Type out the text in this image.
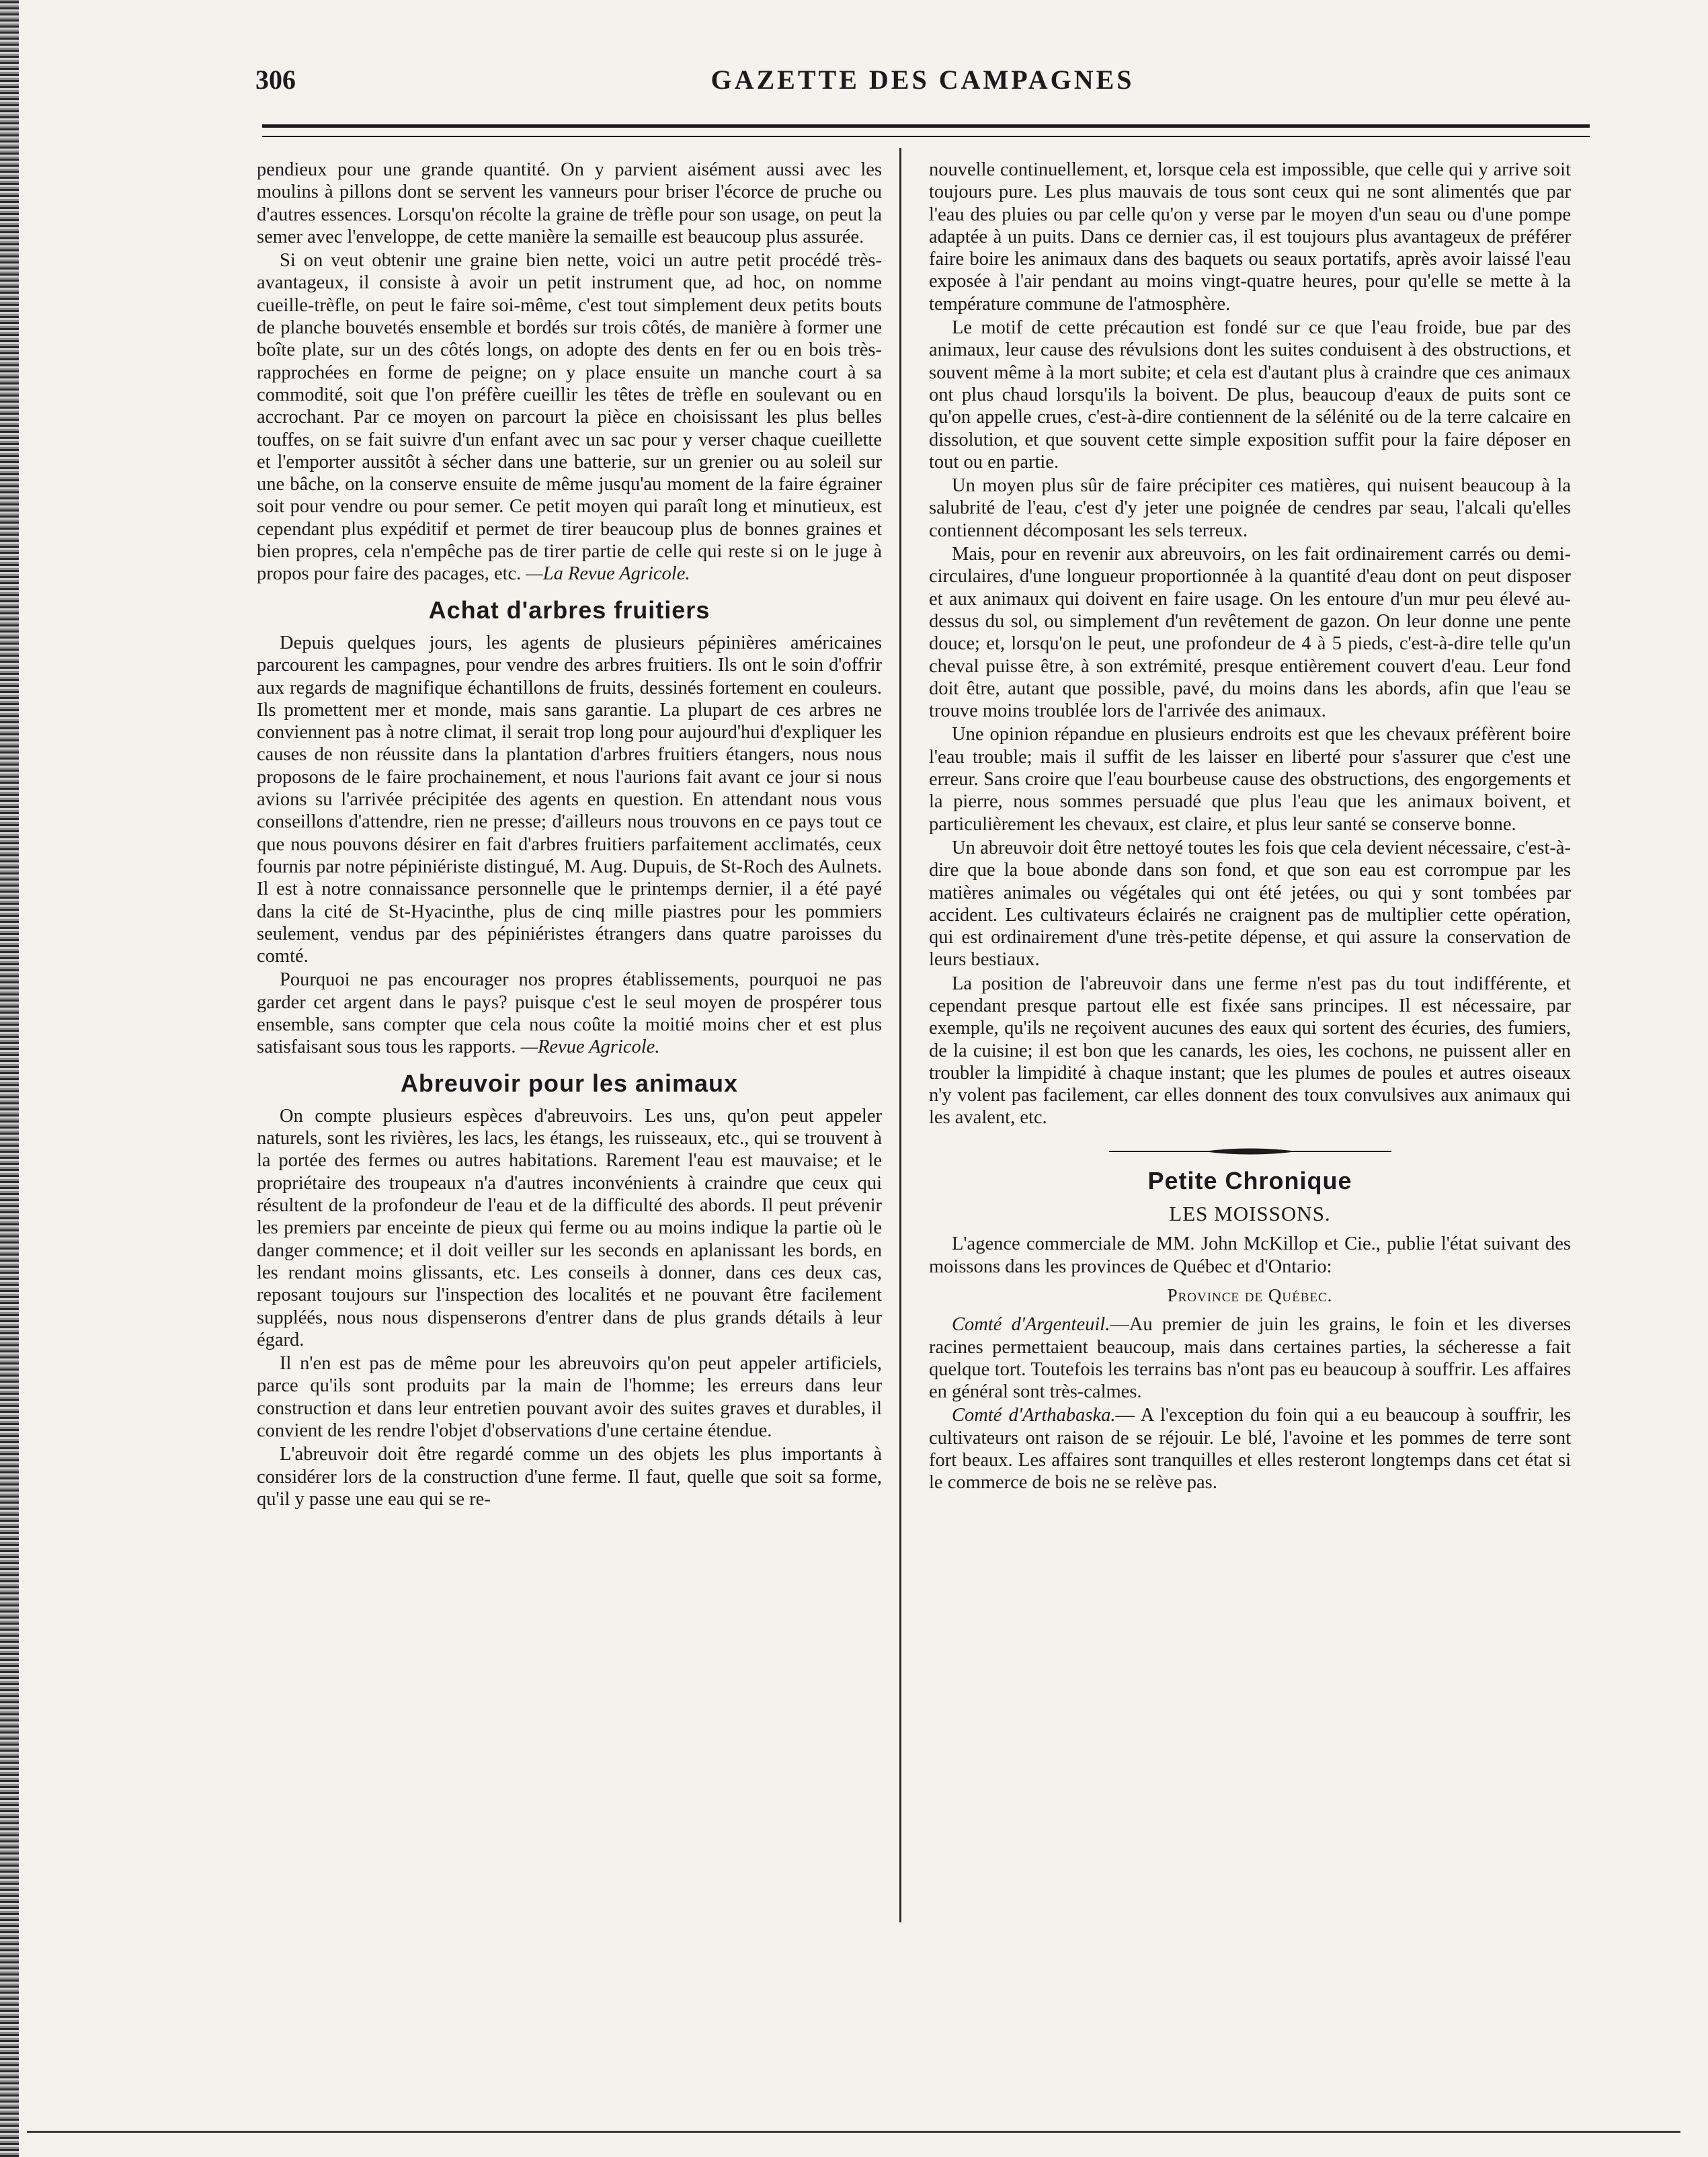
306	GAZETTE DES CAMPAGNES

pendieux pour une grande quantité. On y parvient aisément aussi avec les moulins à pillons dont se servent les vanneurs pour briser l'écorce de pruche ou d'autres essences. Lorsqu'on récolte la graine de trèfle pour son usage, on peut la semer avec l'enveloppe, de cette manière la semaille est beaucoup plus assurée.

Si on veut obtenir une graine bien nette, voici un autre petit procédé très-avantageux, il consiste à avoir un petit instrument que, ad hoc, on nomme cueille-trèfle, on peut le faire soi-même, c'est tout simplement deux petits bouts de planche bouvetés ensemble et bordés sur trois côtés, de manière à former une boîte plate, sur un des côtés longs, on adopte des dents en fer ou en bois très-rapprochées en forme de peigne; on y place ensuite un manche court à sa commodité, soit que l'on préfère cueillir les têtes de trèfle en soulevant ou en accrochant. Par ce moyen on parcourt la pièce en choisissant les plus belles touffes, on se fait suivre d'un enfant avec un sac pour y verser chaque cueillette et l'emporter aussitôt à sécher dans une batterie, sur un grenier ou au soleil sur une bâche, on la conserve ensuite de même jusqu'au moment de la faire égrainer soit pour vendre ou pour semer. Ce petit moyen qui paraît long et minutieux, est cependant plus expéditif et permet de tirer beaucoup plus de bonnes graines et bien propres, cela n'empêche pas de tirer partie de celle qui reste si on le juge à propos pour faire des pacages, etc. —La Revue Agricole.

Achat d'arbres fruitiers

Depuis quelques jours, les agents de plusieurs pépinières américaines parcourent les campagnes, pour vendre des arbres fruitiers. Ils ont le soin d'offrir aux regards de magnifique échantillons de fruits, dessinés fortement en couleurs. Ils promettent mer et monde, mais sans garantie. La plupart de ces arbres ne conviennent pas à notre climat, il serait trop long pour aujourd'hui d'expliquer les causes de non réussite dans la plantation d'arbres fruitiers étangers, nous nous proposons de le faire prochainement, et nous l'aurions fait avant ce jour si nous avions su l'arrivée précipitée des agents en question. En attendant nous vous conseillons d'attendre, rien ne presse; d'ailleurs nous trouvons en ce pays tout ce que nous pouvons désirer en fait d'arbres fruitiers parfaitement acclimatés, ceux fournis par notre pépiniériste distingué, M. Aug. Dupuis, de St-Roch des Aulnets. Il est à notre connaissance personnelle que le printemps dernier, il a été payé dans la cité de St-Hyacinthe, plus de cinq mille piastres pour les pommiers seulement, vendus par des pépiniéristes étrangers dans quatre paroisses du comté.

Pourquoi ne pas encourager nos propres établissements, pourquoi ne pas garder cet argent dans le pays? puisque c'est le seul moyen de prospérer tous ensemble, sans compter que cela nous coûte la moitié moins cher et est plus satisfaisant sous tous les rapports. —Revue Agricole.

Abreuvoir pour les animaux

On compte plusieurs espèces d'abreuvoirs. Les uns, qu'on peut appeler naturels, sont les rivières, les lacs, les étangs, les ruisseaux, etc., qui se trouvent à la portée des fermes ou autres habitations. Rarement l'eau est mauvaise; et le propriétaire des troupeaux n'a d'autres inconvénients à craindre que ceux qui résultent de la profondeur de l'eau et de la difficulté des abords. Il peut prévenir les premiers par enceinte de pieux qui ferme ou au moins indique la partie où le danger commence; et il doit veiller sur les seconds en aplanissant les bords, en les rendant moins glissants, etc. Les conseils à donner, dans ces deux cas, reposant toujours sur l'inspection des localités et ne pouvant être facilement suppléés, nous nous dispenserons d'entrer dans de plus grands détails à leur égard.

Il n'en est pas de même pour les abreuvoirs qu'on peut appeler artificiels, parce qu'ils sont produits par la main de l'homme; les erreurs dans leur construction et dans leur entretien pouvant avoir des suites graves et durables, il convient de les rendre l'objet d'observations d'une certaine étendue.

L'abreuvoir doit être regardé comme un des objets les plus importants à considérer lors de la construction d'une ferme. Il faut, quelle que soit sa forme, qu'il y passe une eau qui se re-

nouvelle continuellement, et, lorsque cela est impossible, que celle qui y arrive soit toujours pure. Les plus mauvais de tous sont ceux qui ne sont alimentés que par l'eau des pluies ou par celle qu'on y verse par le moyen d'un seau ou d'une pompe adaptée à un puits. Dans ce dernier cas, il est toujours plus avantageux de préférer faire boire les animaux dans des baquets ou seaux portatifs, après avoir laissé l'eau exposée à l'air pendant au moins vingt-quatre heures, pour qu'elle se mette à la température commune de l'atmosphère.

Le motif de cette précaution est fondé sur ce que l'eau froide, bue par des animaux, leur cause des révulsions dont les suites conduisent à des obstructions, et souvent même à la mort subite; et cela est d'autant plus à craindre que ces animaux ont plus chaud lorsqu'ils la boivent. De plus, beaucoup d'eaux de puits sont ce qu'on appelle crues, c'est-à-dire contiennent de la sélénité ou de la terre calcaire en dissolution, et que souvent cette simple exposition suffit pour la faire déposer en tout ou en partie.

Un moyen plus sûr de faire précipiter ces matières, qui nuisent beaucoup à la salubrité de l'eau, c'est d'y jeter une poignée de cendres par seau, l'alcali qu'elles contiennent décomposant les sels terreux.

Mais, pour en revenir aux abreuvoirs, on les fait ordinairement carrés ou demi-circulaires, d'une longueur proportionnée à la quantité d'eau dont on peut disposer et aux animaux qui doivent en faire usage. On les entoure d'un mur peu élevé au-dessus du sol, ou simplement d'un revêtement de gazon. On leur donne une pente douce; et, lorsqu'on le peut, une profondeur de 4 à 5 pieds, c'est-à-dire telle qu'un cheval puisse être, à son extrémité, presque entièrement couvert d'eau. Leur fond doit être, autant que possible, pavé, du moins dans les abords, afin que l'eau se trouve moins troublée lors de l'arrivée des animaux.

Une opinion répandue en plusieurs endroits est que les chevaux préfèrent boire l'eau trouble; mais il suffit de les laisser en liberté pour s'assurer que c'est une erreur. Sans croire que l'eau bourbeuse cause des obstructions, des engorgements et la pierre, nous sommes persuadé que plus l'eau que les animaux boivent, et particulièrement les chevaux, est claire, et plus leur santé se conserve bonne.

Un abreuvoir doit être nettoyé toutes les fois que cela devient nécessaire, c'est-à-dire que la boue abonde dans son fond, et que son eau est corrompue par les matières animales ou végétales qui ont été jetées, ou qui y sont tombées par accident. Les cultivateurs éclairés ne craignent pas de multiplier cette opération, qui est ordinairement d'une très-petite dépense, et qui assure la conservation de leurs bestiaux.

La position de l'abreuvoir dans une ferme n'est pas du tout indifférente, et cependant presque partout elle est fixée sans principes. Il est nécessaire, par exemple, qu'ils ne reçoivent aucunes des eaux qui sortent des écuries, des fumiers, de la cuisine; il est bon que les canards, les oies, les cochons, ne puissent aller en troubler la limpidité à chaque instant; que les plumes de poules et autres oiseaux n'y volent pas facilement, car elles donnent des toux convulsives aux animaux qui les avalent, etc.

Petite Chronique
LES MOISSONS.

L'agence commerciale de MM. John McKillop et Cie., publie l'état suivant des moissons dans les provinces de Québec et d'Ontario:

Province de Québec.

Comté d'Argenteuil.—Au premier de juin les grains, le foin et les diverses racines permettaient beaucoup, mais dans certaines parties, la sécheresse a fait quelque tort. Toutefois les terrains bas n'ont pas eu beaucoup à souffrir. Les affaires en général sont très-calmes.

Comté d'Arthabaska.— A l'exception du foin qui a eu beaucoup à souffrir, les cultivateurs ont raison de se réjouir. Le blé, l'avoine et les pommes de terre sont fort beaux. Les affaires sont tranquilles et elles resteront longtemps dans cet état si le commerce de bois ne se relève pas.
